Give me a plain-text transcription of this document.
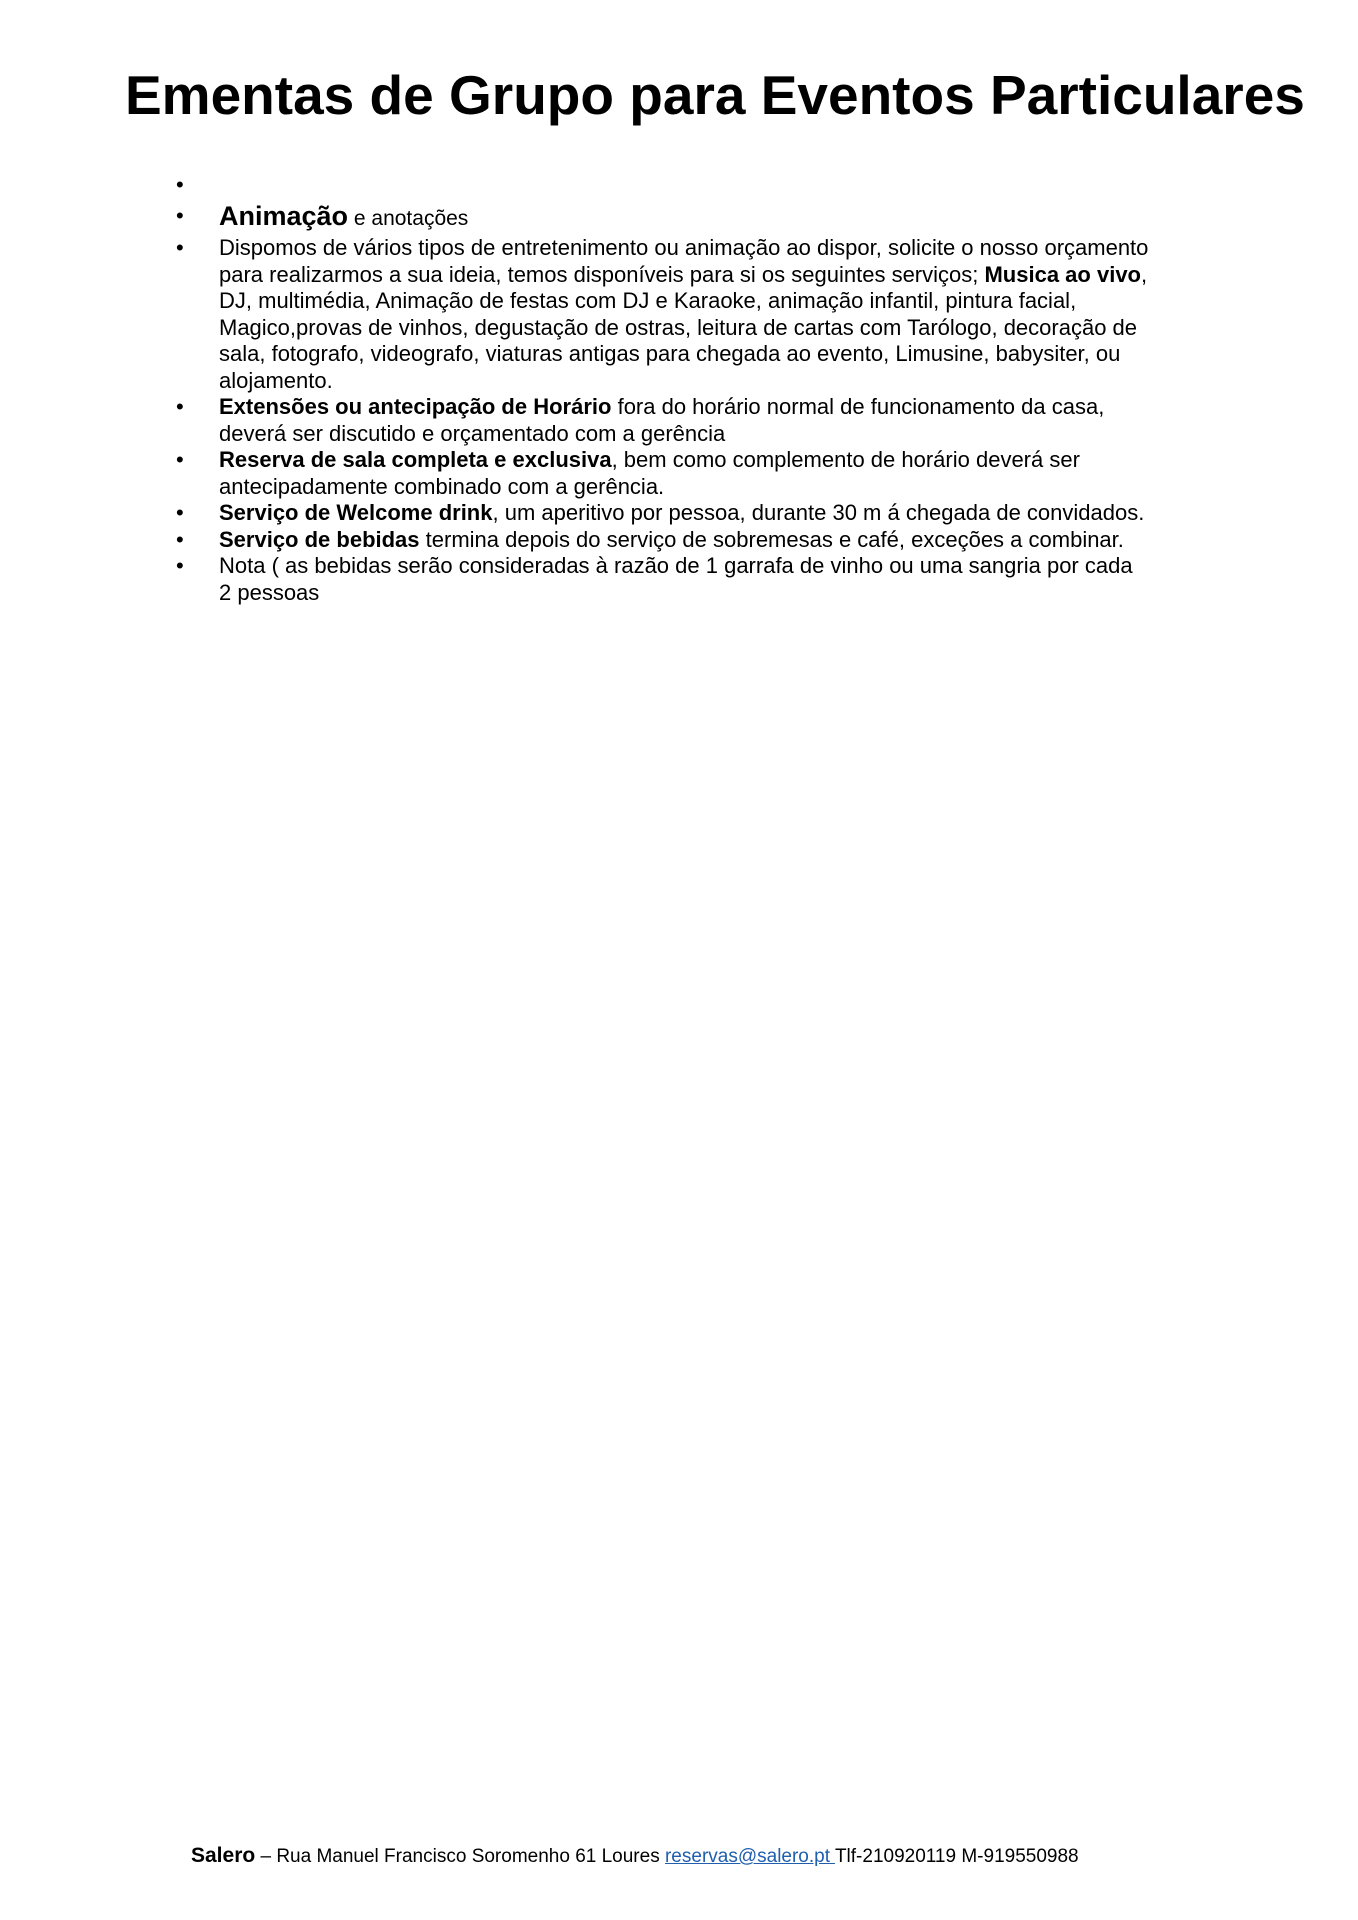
Ementas de Grupo para Eventos Particulares
•
•	Animação e anotações
•	Dispomos de vários tipos de entretenimento ou animação ao dispor, solicite o nosso orçamento para realizarmos a sua ideia, temos disponíveis para si os seguintes serviços; Musica ao vivo, DJ, multimédia, Animação de festas com DJ e Karaoke, animação infantil, pintura facial, Magico,provas de vinhos, degustação de ostras, leitura de cartas com Tarólogo, decoração de sala, fotografo, videografo, viaturas antigas para chegada ao evento, Limusine, babysiter, ou alojamento.
•	Extensões ou antecipação de Horário fora do horário normal de funcionamento da casa, deverá ser discutido e orçamentado com a gerência
•	Reserva de sala completa e exclusiva, bem como complemento de horário deverá ser antecipadamente combinado com a gerência.
•	Serviço de Welcome drink, um aperitivo por pessoa, durante 30 m á chegada de convidados.
•	Serviço de bebidas termina depois do serviço de sobremesas e café, exceções a combinar.
•	Nota ( as bebidas serão consideradas à razão de 1 garrafa de vinho ou uma sangria por cada 2 pessoas
Salero – Rua Manuel Francisco Soromenho 61 Loures reservas@salero.pt Tlf-210920119 M-919550988
